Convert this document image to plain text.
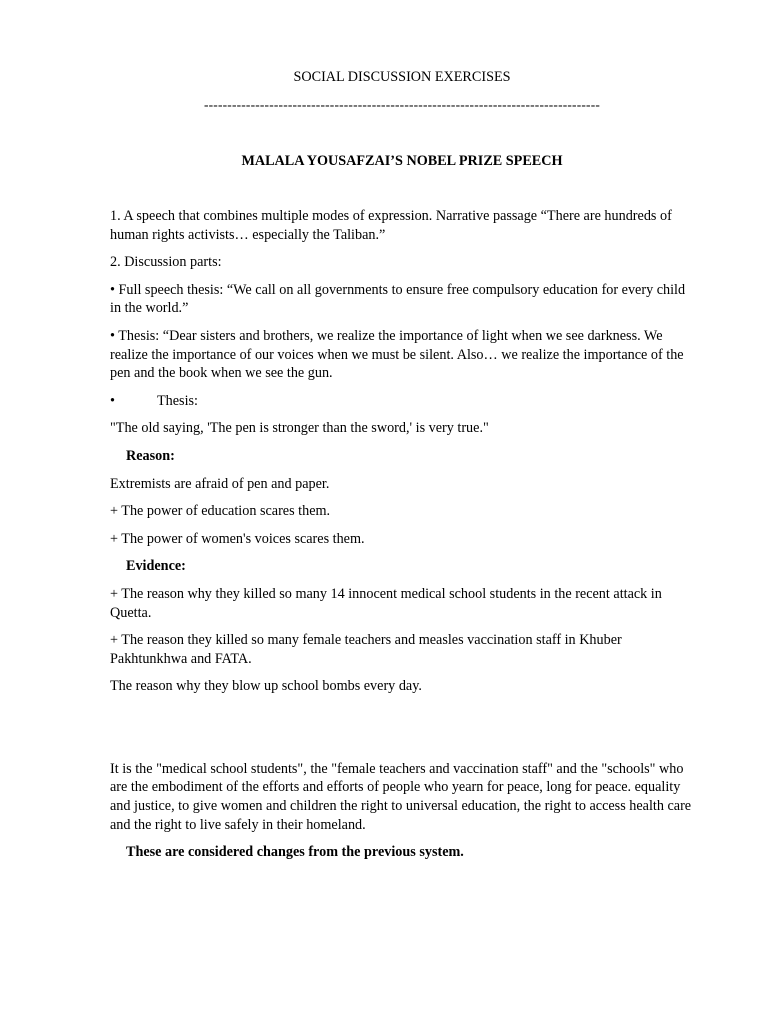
SOCIAL DISCUSSION EXERCISES
-------------------------------------------------------------------------------------
MALALA YOUSAFZAI’S NOBEL PRIZE SPEECH

1. A speech that combines multiple modes of expression. Narrative passage “There are hundreds of human rights activists… especially the Taliban.”

2. Discussion parts:

• Full speech thesis: “We call on all governments to ensure free compulsory education for every child in the world.”

• Thesis: “Dear sisters and brothers, we realize the importance of light when we see darkness. We realize the importance of our voices when we must be silent. Also… we realize the importance of the pen and the book when we see the gun.

•	Thesis:

"The old saying, 'The pen is stronger than the sword,' is very true."

Reason:

Extremists are afraid of pen and paper.

+ The power of education scares them.

+ The power of women's voices scares them.

Evidence:

+ The reason why they killed so many 14 innocent medical school students in the recent attack in Quetta.

+ The reason they killed so many female teachers and measles vaccination staff in Khuber Pakhtunkhwa and FATA.

The reason why they blow up school bombs every day.

It is the "medical school students", the "female teachers and vaccination staff" and the "schools" who are the embodiment of the efforts and efforts of people who yearn for peace, long for peace. equality and justice, to give women and children the right to universal education, the right to access health care and the right to live safely in their homeland.

These are considered changes from the previous system.
